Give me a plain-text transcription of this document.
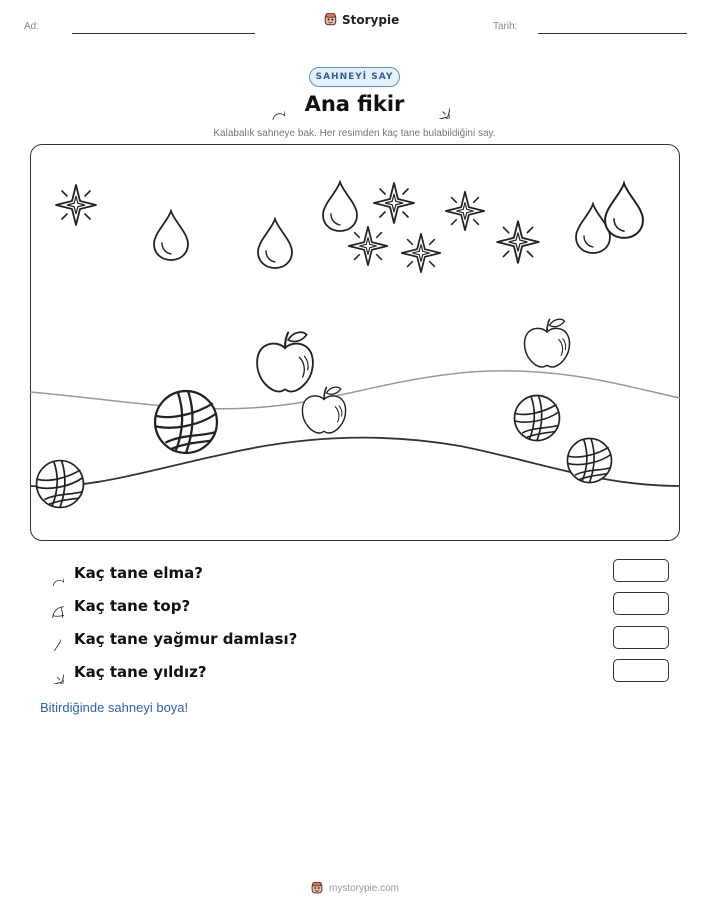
Ad:	Storypie	Tarih:
SAHNEYİ SAY
Ana fikir
Kalabalık sahneye bak. Her resimden kaç tane bulabildiğini say.
Kaç tane elma?
Kaç tane top?
Kaç tane yağmur damlası?
Kaç tane yıldız?
Bitirdiğinde sahneyi boya!
mystorypie.com
